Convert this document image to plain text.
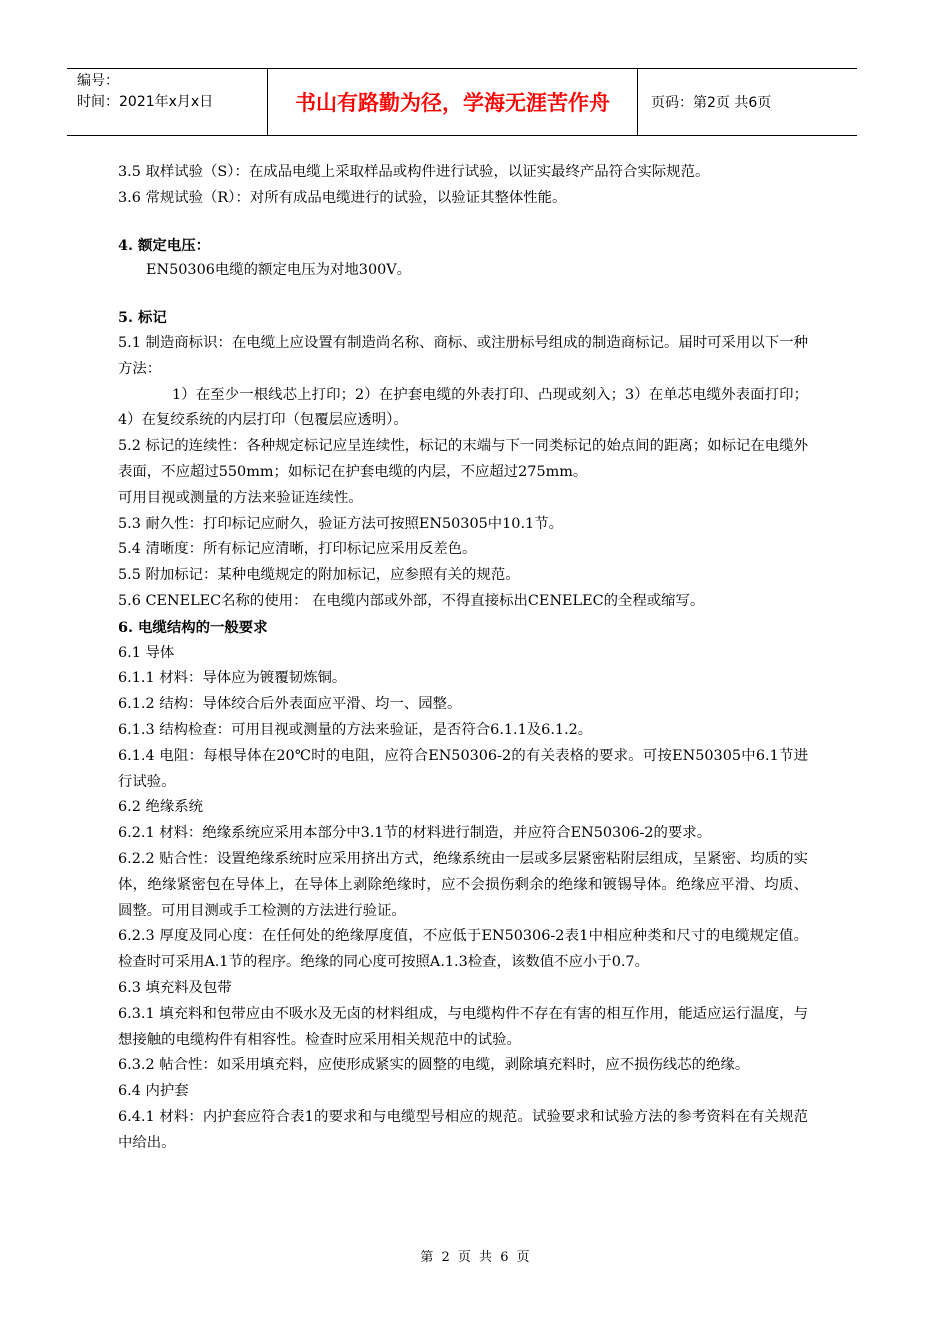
编号：
时间：2021年x月x日	书山有路勤为径，学海无涯苦作舟	页码：第2页 共6页

3.5 取样试验（S）：在成品电缆上采取样品或构件进行试验，以证实最终产品符合实际规范。

3.6 常规试验（R）：对所有成品电缆进行的试验，以验证其整体性能。

4. 额定电压：

EN50306电缆的额定电压为对地300V。

5. 标记

5.1 制造商标识：在电缆上应设置有制造尚名称、商标、或注册标号组成的制造商标记。届时可采用以下一种方法：

1）在至少一根线芯上打印；2）在护套电缆的外表打印、凸现或刻入；3）在单芯电缆外表面打印；4）在复绞系统的内层打印（包覆层应透明）。

5.2 标记的连续性：各种规定标记应呈连续性，标记的末端与下一同类标记的始点间的距离；如标记在电缆外表面，不应超过550mm；如标记在护套电缆的内层，不应超过275mm。

可用目视或测量的方法来验证连续性。

5.3 耐久性：打印标记应耐久，验证方法可按照EN50305中10.1节。

5.4 清晰度：所有标记应清晰，打印标记应采用反差色。

5.5 附加标记：某种电缆规定的附加标记，应参照有关的规范。

5.6 CENELEC名称的使用： 在电缆内部或外部，不得直接标出CENELEC的全程或缩写。

6. 电缆结构的一般要求

6.1 导体

6.1.1 材料：导体应为镀覆韧炼铜。

6.1.2 结构：导体绞合后外表面应平滑、均一、园整。

6.1.3 结构检查：可用目视或测量的方法来验证，是否符合6.1.1及6.1.2。

6.1.4 电阻：每根导体在20℃时的电阻，应符合EN50306-2的有关表格的要求。可按EN50305中6.1节进行试验。

6.2 绝缘系统

6.2.1 材料：绝缘系统应采用本部分中3.1节的材料进行制造，并应符合EN50306-2的要求。

6.2.2 贴合性：设置绝缘系统时应采用挤出方式，绝缘系统由一层或多层紧密粘附层组成，呈紧密、均质的实体，绝缘紧密包在导体上，在导体上剥除绝缘时，应不会损伤剩余的绝缘和镀锡导体。绝缘应平滑、均质、圆整。可用目测或手工检测的方法进行验证。

6.2.3 厚度及同心度：在任何处的绝缘厚度值，不应低于EN50306-2表1中相应种类和尺寸的电缆规定值。检查时可采用A.1节的程序。绝缘的同心度可按照A.1.3检查，该数值不应小于0.7。

6.3 填充料及包带

6.3.1 填充料和包带应由不吸水及无卤的材料组成，与电缆构件不存在有害的相互作用，能适应运行温度，与想接触的电缆构件有相容性。检查时应采用相关规范中的试验。

6.3.2 帖合性：如采用填充料，应使形成紧实的圆整的电缆，剥除填充料时，应不损伤线芯的绝缘。

6.4 内护套

6.4.1 材料：内护套应符合表1的要求和与电缆型号相应的规范。试验要求和试验方法的参考资料在有关规范中给出。

第 2 页 共 6 页
